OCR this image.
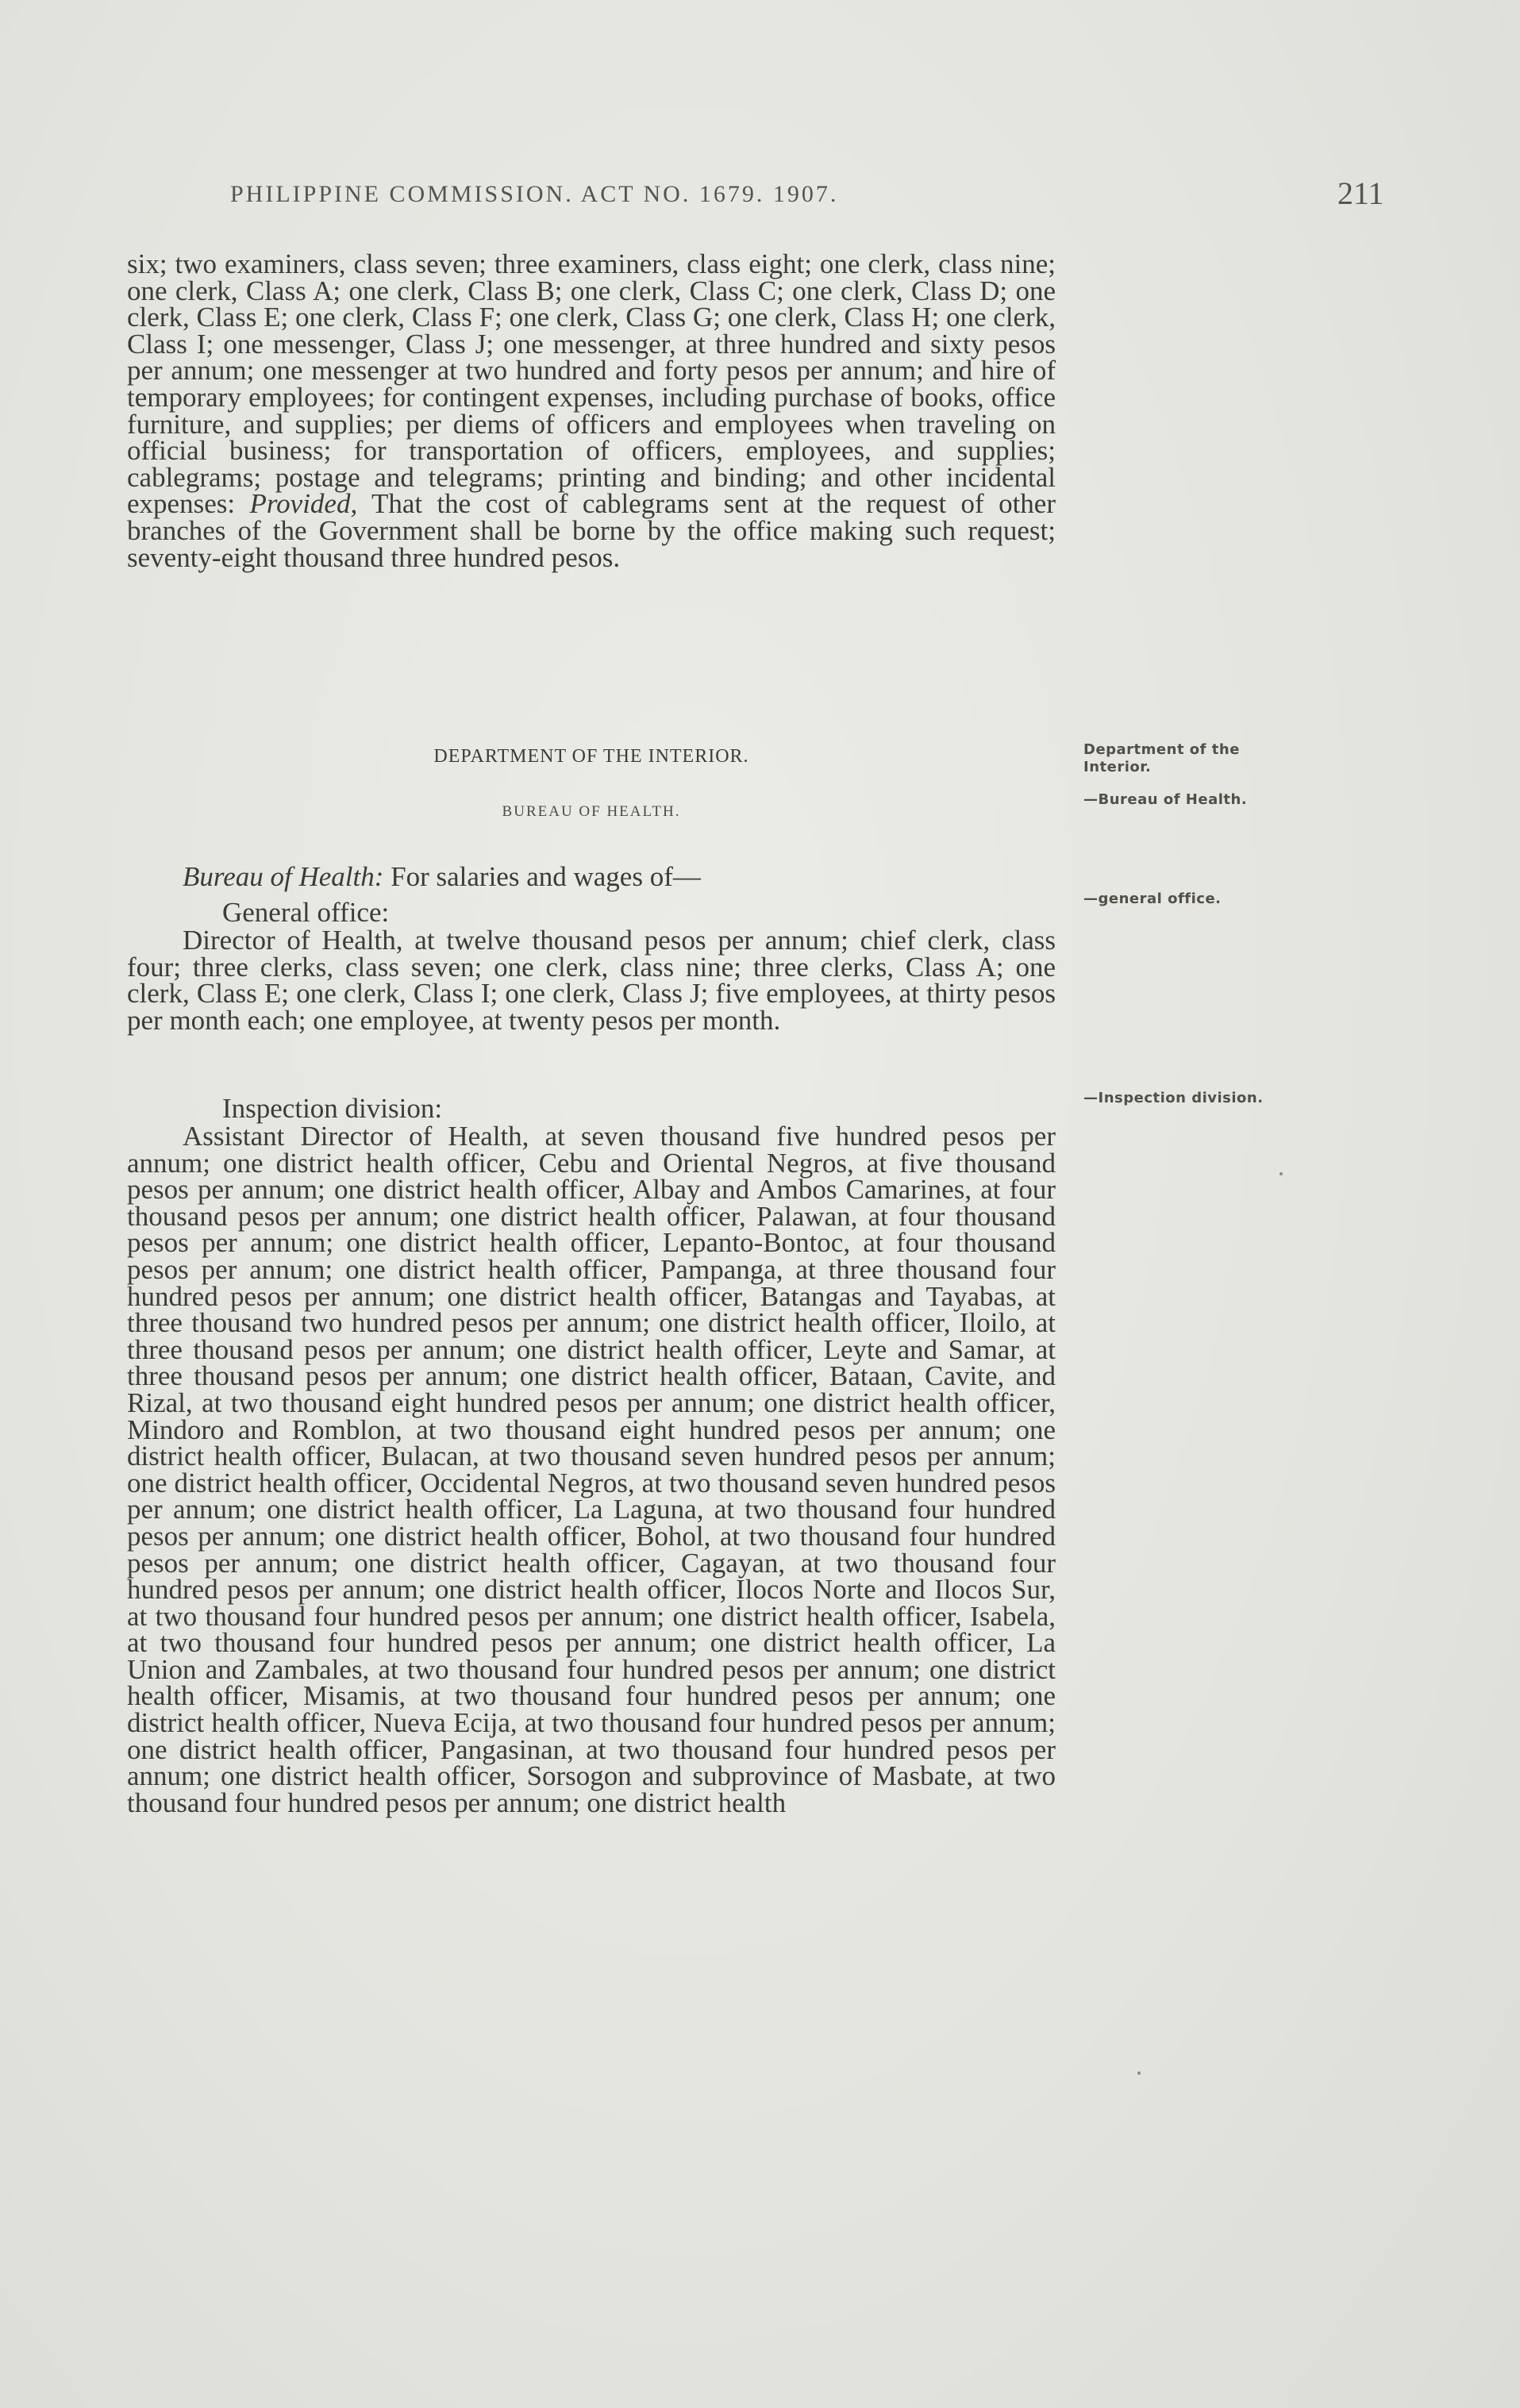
PHILIPPINE COMMISSION. ACT NO. 1679. 1907.	211
six; two examiners, class seven; three examiners, class eight; one clerk, class nine; one clerk, Class A; one clerk, Class B; one clerk, Class C; one clerk, Class D; one clerk, Class E; one clerk, Class F; one clerk, Class G; one clerk, Class H; one clerk, Class I; one messenger, Class J; one messenger, at three hundred and sixty pesos per annum; one messenger at two hundred and forty pesos per annum; and hire of temporary employees; for contingent expenses, including purchase of books, office furniture, and supplies; per diems of officers and employees when traveling on official business; for transportation of officers, employees, and supplies; cablegrams; postage and telegrams; printing and binding; and other incidental expenses: Provided, That the cost of cablegrams sent at the request of other branches of the Government shall be borne by the office making such request; seventy-eight thousand three hundred pesos.
DEPARTMENT OF THE INTERIOR.
BUREAU OF HEALTH.
Bureau of Health: For salaries and wages of—
General office:
Director of Health, at twelve thousand pesos per annum; chief clerk, class four; three clerks, class seven; one clerk, class nine; three clerks, Class A; one clerk, Class E; one clerk, Class I; one clerk, Class J; five employees, at thirty pesos per month each; one employee, at twenty pesos per month.
Inspection division:
Assistant Director of Health, at seven thousand five hundred pesos per annum; one district health officer, Cebu and Oriental Negros, at five thousand pesos per annum; one district health officer, Albay and Ambos Camarines, at four thousand pesos per annum; one district health officer, Palawan, at four thousand pesos per annum; one district health officer, Lepanto-Bontoc, at four thousand pesos per annum; one district health officer, Pampanga, at three thousand four hundred pesos per annum; one district health officer, Batangas and Tayabas, at three thousand two hundred pesos per annum; one district health officer, Iloilo, at three thousand pesos per annum; one district health officer, Leyte and Samar, at three thousand pesos per annum; one district health officer, Bataan, Cavite, and Rizal, at two thousand eight hundred pesos per annum; one district health officer, Mindoro and Romblon, at two thousand eight hundred pesos per annum; one district health officer, Bulacan, at two thousand seven hundred pesos per annum; one district health officer, Occidental Negros, at two thousand seven hundred pesos per annum; one district health officer, La Laguna, at two thousand four hundred pesos per annum; one district health officer, Bohol, at two thousand four hundred pesos per annum; one district health officer, Cagayan, at two thousand four hundred pesos per annum; one district health officer, Ilocos Norte and Ilocos Sur, at two thousand four hundred pesos per annum; one district health officer, Isabela, at two thousand four hundred pesos per annum; one district health officer, La Union and Zambales, at two thousand four hundred pesos per annum; one district health officer, Misamis, at two thousand four hundred pesos per annum; one district health officer, Nueva Ecija, at two thousand four hundred pesos per annum; one district health officer, Pangasinan, at two thousand four hundred pesos per annum; one district health officer, Sorsogon and subprovince of Masbate, at two thousand four hundred pesos per annum; one district health
Department of the
Interior.
—Bureau of Health.
—general office.
—Inspection division.
